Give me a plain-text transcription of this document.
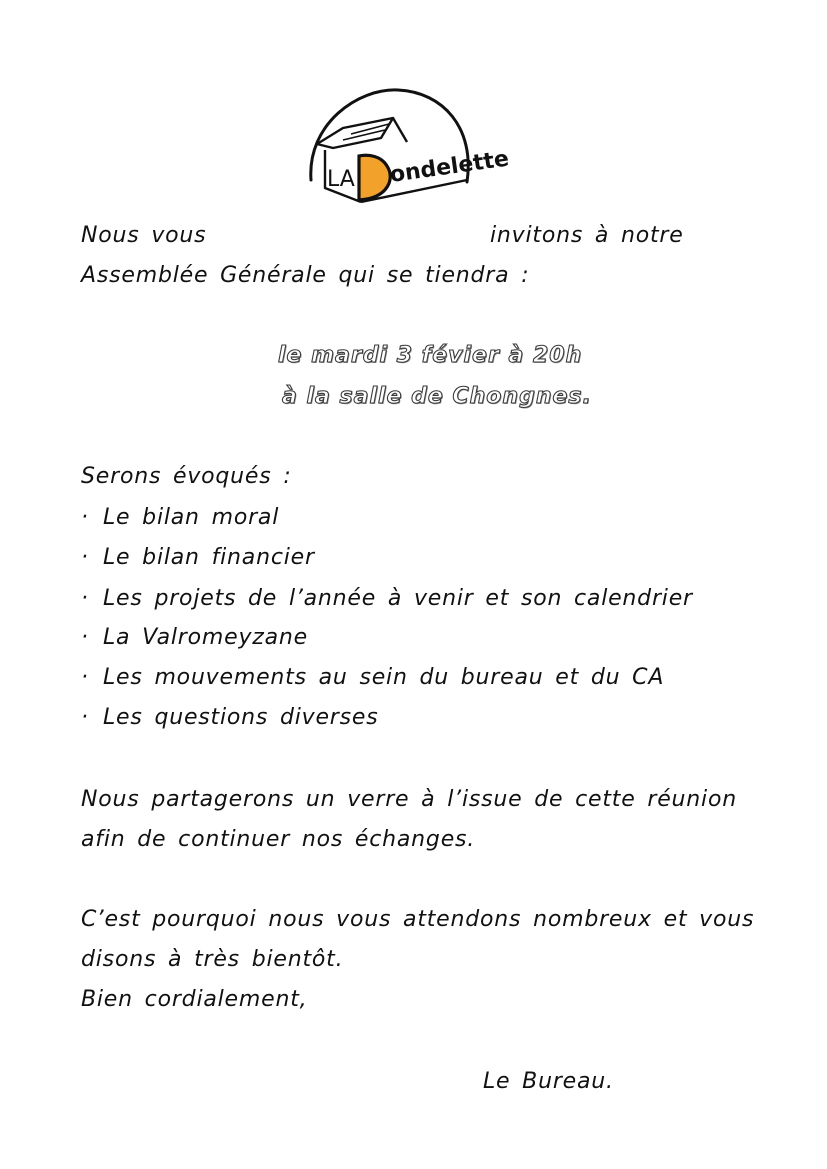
LA ondelette
Nous vous	invitons à notre
Assemblée Générale qui se tiendra :
le mardi 3 févier à 20h
à la salle de Chongnes.
Serons évoqués :
· Le bilan moral
· Le bilan financier
· Les projets de l’année à venir et son calendrier
· La Valromeyzane
· Les mouvements au sein du bureau et du CA
· Les questions diverses
Nous partagerons un verre à l’issue de cette réunion
afin de continuer nos échanges.
C’est pourquoi nous vous attendons nombreux et vous
disons à très bientôt.
Bien cordialement,
Le Bureau.
